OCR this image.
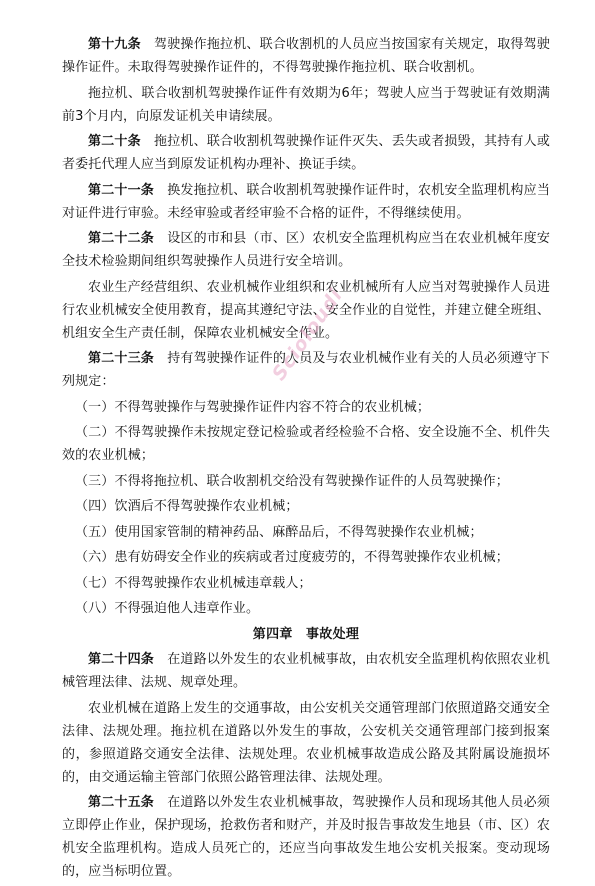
第十九条　 驾驶操作拖拉机、联合收割机的人员应当按国家有关规定，取得驾驶操作证件。未取得驾驶操作证件的，不得驾驶操作拖拉机、联合收割机。

拖拉机、联合收割机驾驶操作证件有效期为6年；驾驶人应当于驾驶证有效期满前3个月内，向原发证机关申请续展。

第二十条　 拖拉机、联合收割机驾驶操作证件灭失、丢失或者损毁，其持有人或者委托代理人应当到原发证机构办理补、换证手续。

第二十一条　 换发拖拉机、联合收割机驾驶操作证件时，农机安全监理机构应当对证件进行审验。未经审验或者经审验不合格的证件，不得继续使用。

第二十二条　 设区的市和县（市、区）农机安全监理机构应当在农业机械年度安全技术检验期间组织驾驶操作人员进行安全培训。

农业生产经营组织、农业机械作业组织和农业机械所有人应当对驾驶操作人员进行农业机械安全使用教育，提高其遵纪守法、安全作业的自觉性，并建立健全班组、机组安全生产责任制，保障农业机械安全作业。

第二十三条　 持有驾驶操作证件的人员及与农业机械作业有关的人员必须遵守下列规定：

（一）不得驾驶操作与驾驶操作证件内容不符合的农业机械；

（二）不得驾驶操作未按规定登记检验或者经检验不合格、安全设施不全、机件失效的农业机械；

（三）不得将拖拉机、联合收割机交给没有驾驶操作证件的人员驾驶操作；

（四）饮酒后不得驾驶操作农业机械；

（五）使用国家管制的精神药品、麻醉品后，不得驾驶操作农业机械；

（六）患有妨碍安全作业的疾病或者过度疲劳的，不得驾驶操作农业机械；

（七）不得驾驶操作农业机械违章载人；

（八）不得强迫他人违章作业。

第四章　事故处理

第二十四条　 在道路以外发生的农业机械事故，由农机安全监理机构依照农业机械管理法律、法规、规章处理。

农业机械在道路上发生的交通事故，由公安机关交通管理部门依照道路交通安全法律、法规处理。拖拉机在道路以外发生的事故，公安机关交通管理部门接到报案的，参照道路交通安全法律、法规处理。农业机械事故造成公路及其附属设施损坏的，由交通运输主管部门依照公路管理法律、法规处理。

第二十五条　 在道路以外发生农业机械事故，驾驶操作人员和现场其他人员必须立即停止作业，保护现场，抢救伤者和财产，并及时报告事故发生地县（市、区）农机安全监理机构。造成人员死亡的，还应当向事故发生地公安机关报案。变动现场的，应当标明位置。

Scioloudi
